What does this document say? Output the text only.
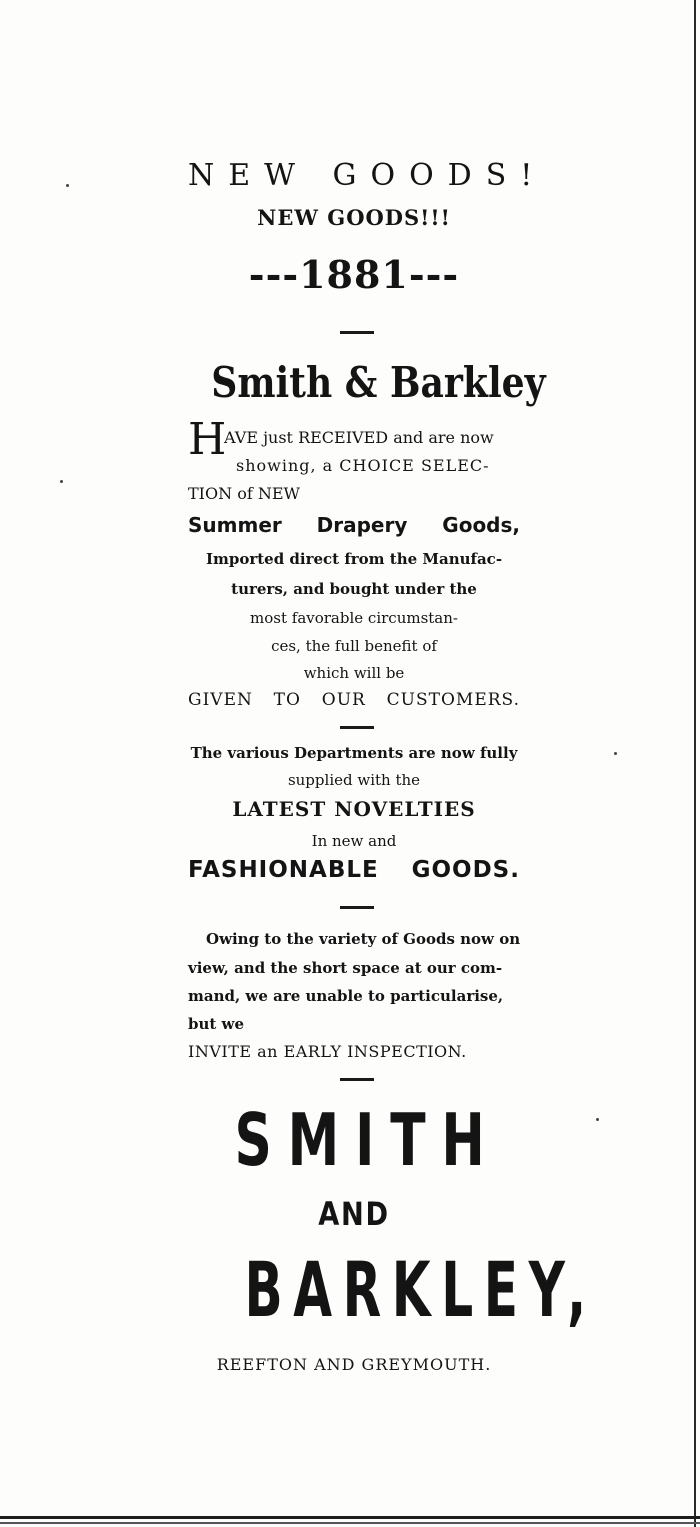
NEW GOODS!
NEW GOODS!!!
---1881---
Smith & Barkley
H
AVE just RECEIVED and are now
showing, a CHOICE SELEC-
TION of NEW
Summer Drapery Goods,
Imported direct from the Manufac-
turers, and bought under the
most favorable circumstan-
ces, the full benefit of
which will be
GIVEN TO OUR CUSTOMERS.
The various Departments are now fully
supplied with the
LATEST NOVELTIES
In new and
FASHIONABLE GOODS.
Owing to the variety of Goods now on
view, and the short space at our com-
mand, we are unable to particularise,
but we
INVITE an EARLY INSPECTION.
SMITH
AND
BARKLEY,
REEFTON AND GREYMOUTH.
